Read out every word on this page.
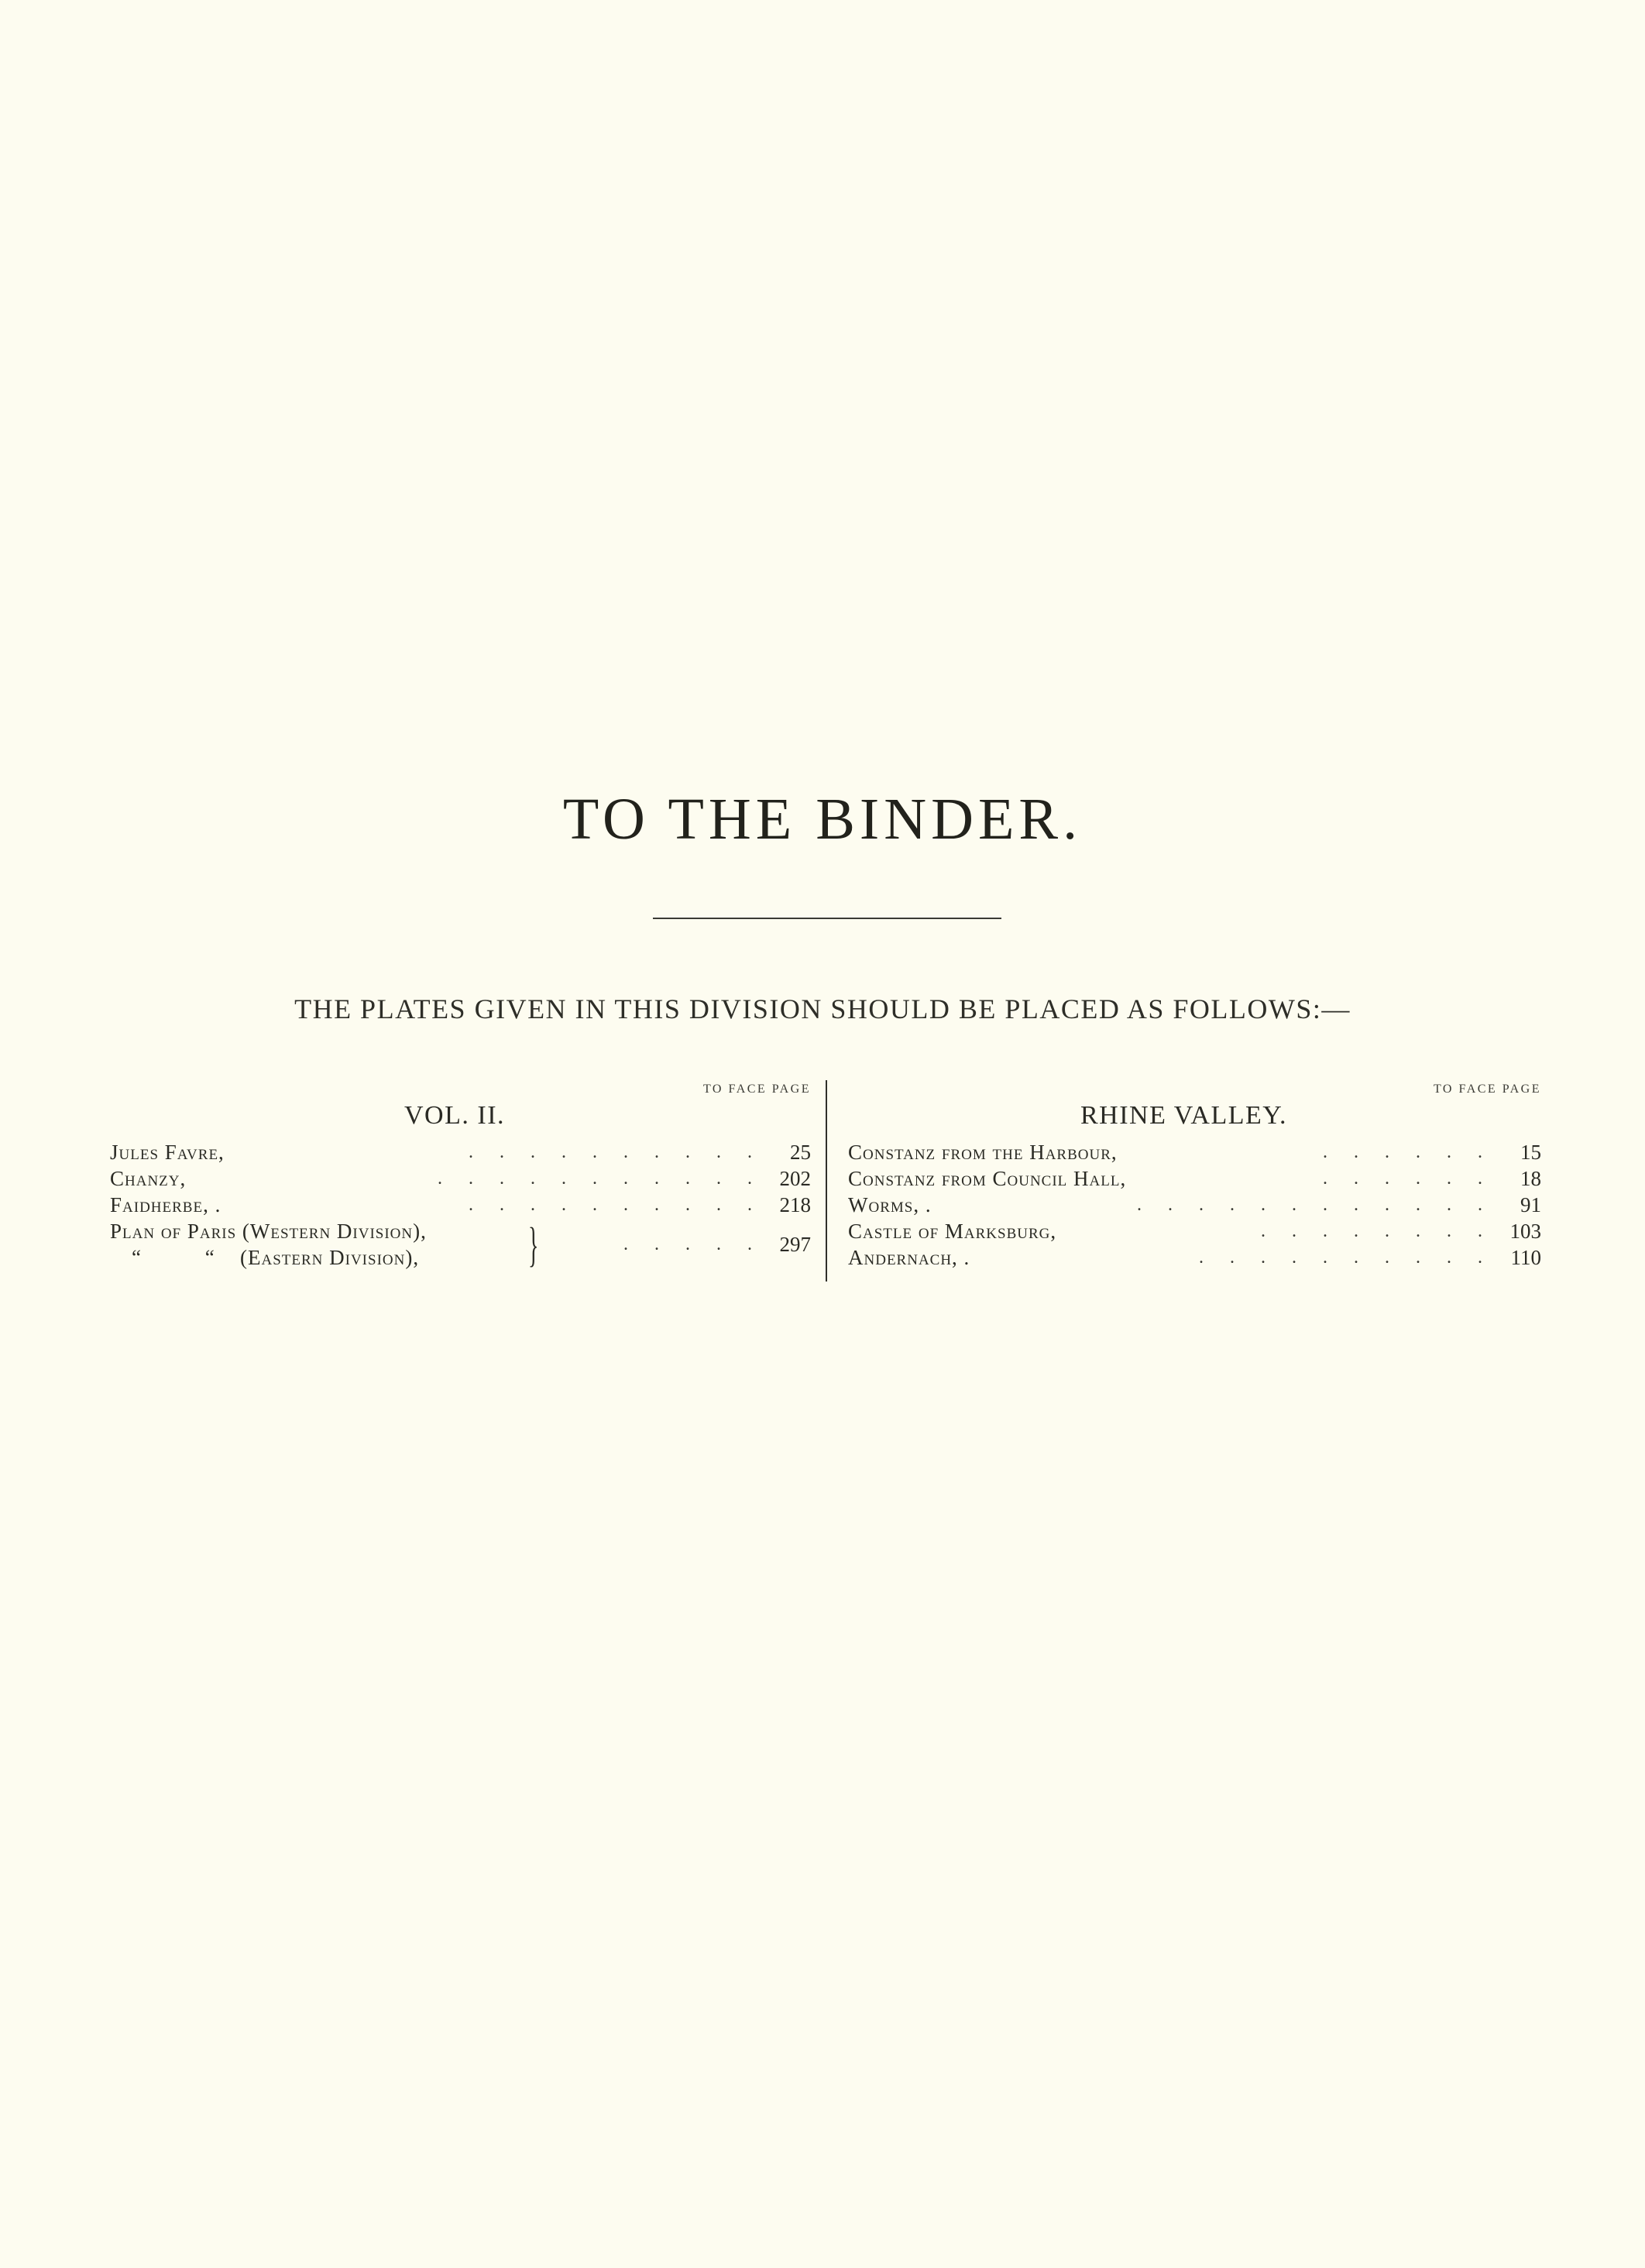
TO THE BINDER.
THE PLATES GIVEN IN THIS DIVISION SHOULD BE PLACED AS FOLLOWS:—
TO FACE PAGE
VOL. II.
Jules Favre,	. . . . . . . . . .	25
Chanzy,	. . . . . . . . . . . 202
Faidherbe, .	. . . . . . . . . . 218
Plan of Paris (Western Division),
“ “(Eastern Division), }	. . . . . 297
TO FACE PAGE
RHINE VALLEY.
Constanz from the Harbour,	. . . . . .	15
Constanz from Council Hall,	. . . . . .	18
Worms, .	. . . . . . . . . . . .	91
Castle of Marksburg,	. . . . . . . . 103
Andernach, .	. . . . . . . . . . 110
